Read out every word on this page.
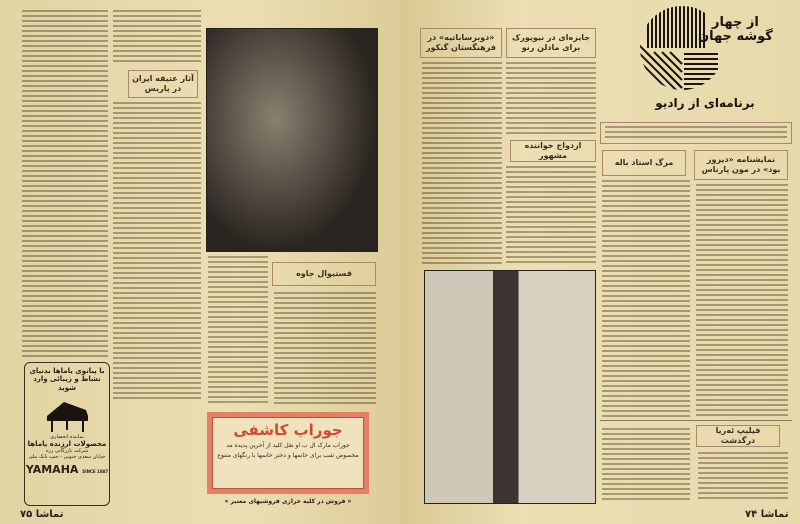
آثار عتیقه ایران در پاریس
فستیوال جاوه
با پیانوی یاماها بدنیای نشاط و زیبائی وارد شوید
نماینده انحصاری
محصولات ارزنده یاماها
شرکت بازرگانی رزه
خیابان سعدی جنوبی - جنب بانک ملی
YAMAHA SINCE 1887
جوراب کاشفی
جوراب مارک ال ب او نقل کلید از آخرین پدیده مد
مخصوص شب برای خانمها و دختر خانمها با رنگهای متنوع
« فروش در کلیه خرازی فروشیهای معتبر »
تماشا ۷۵
از چهار
گوشه جهان
برنامه‌ای از رادیو
جایزه‌ای در نیویورک برای مادلن رنو
«دوبرساباتیه» در فرهنگستان گنکور
ازدواج خواننده مشهور
مرگ استاد باله	نمایشنامه «دیروز بود» در مون پارناس
فیلیپ ئه‌ریا درگذشت
تماشا ۷۴
